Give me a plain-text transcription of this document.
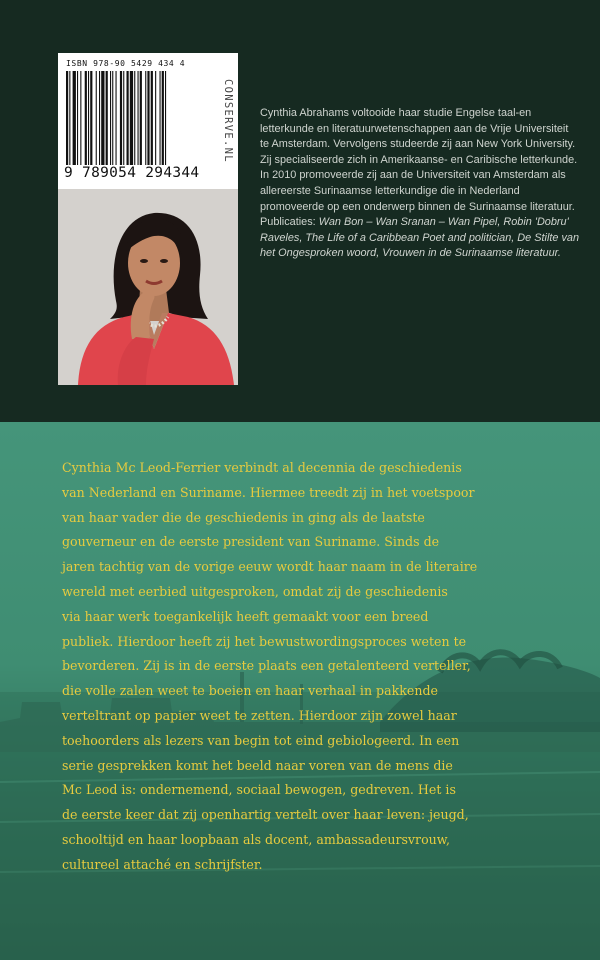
ISBN 978-90 5429 434 4
9 789054 294344
CONSERVE.NL Cynthia Abrahams voltooide haar studie Engelse taal-en letterkunde en literatuurwetenschappen aan de Vrije Universiteit te Amsterdam. Vervolgens studeerde zij aan New York University. Zij specialiseerde zich in Amerikaanse- en Caribische letterkunde. In 2010 promoveerde zij aan de Universiteit van Amsterdam als allereerste Surinaamse letterkundige die in Nederland promoveerde op een onderwerp binnen de Surinaamse literatuur. Publicaties: Wan Bon – Wan Sranan – Wan Pipel, Robin 'Dobru' Raveles, The Life of a Caribbean Poet and politician, De Stilte van het Ongesproken woord, Vrouwen in de Surinaamse literatuur.

Cynthia Mc Leod-Ferrier verbindt al decennia de geschiedenis
van Nederland en Suriname. Hiermee treedt zij in het voetspoor
van haar vader die de geschiedenis in ging als de laatste
gouverneur en de eerste president van Suriname. Sinds de
jaren tachtig van de vorige eeuw wordt haar naam in de literaire
wereld met eerbied uitgesproken, omdat zij de geschiedenis
via haar werk toegankelijk heeft gemaakt voor een breed
publiek. Hierdoor heeft zij het bewustwordingsproces weten te
bevorderen. Zij is in de eerste plaats een getalenteerd verteller,
die volle zalen weet te boeien en haar verhaal in pakkende
verteltrant op papier weet te zetten. Hierdoor zijn zowel haar
toehoorders als lezers van begin tot eind gebiologeerd. In een
serie gesprekken komt het beeld naar voren van de mens die
Mc Leod is: ondernemend, sociaal bewogen, gedreven. Het is
de eerste keer dat zij openhartig vertelt over haar leven: jeugd,
schooltijd en haar loopbaan als docent, ambassadeursvrouw,
cultureel attaché en schrijfster.
